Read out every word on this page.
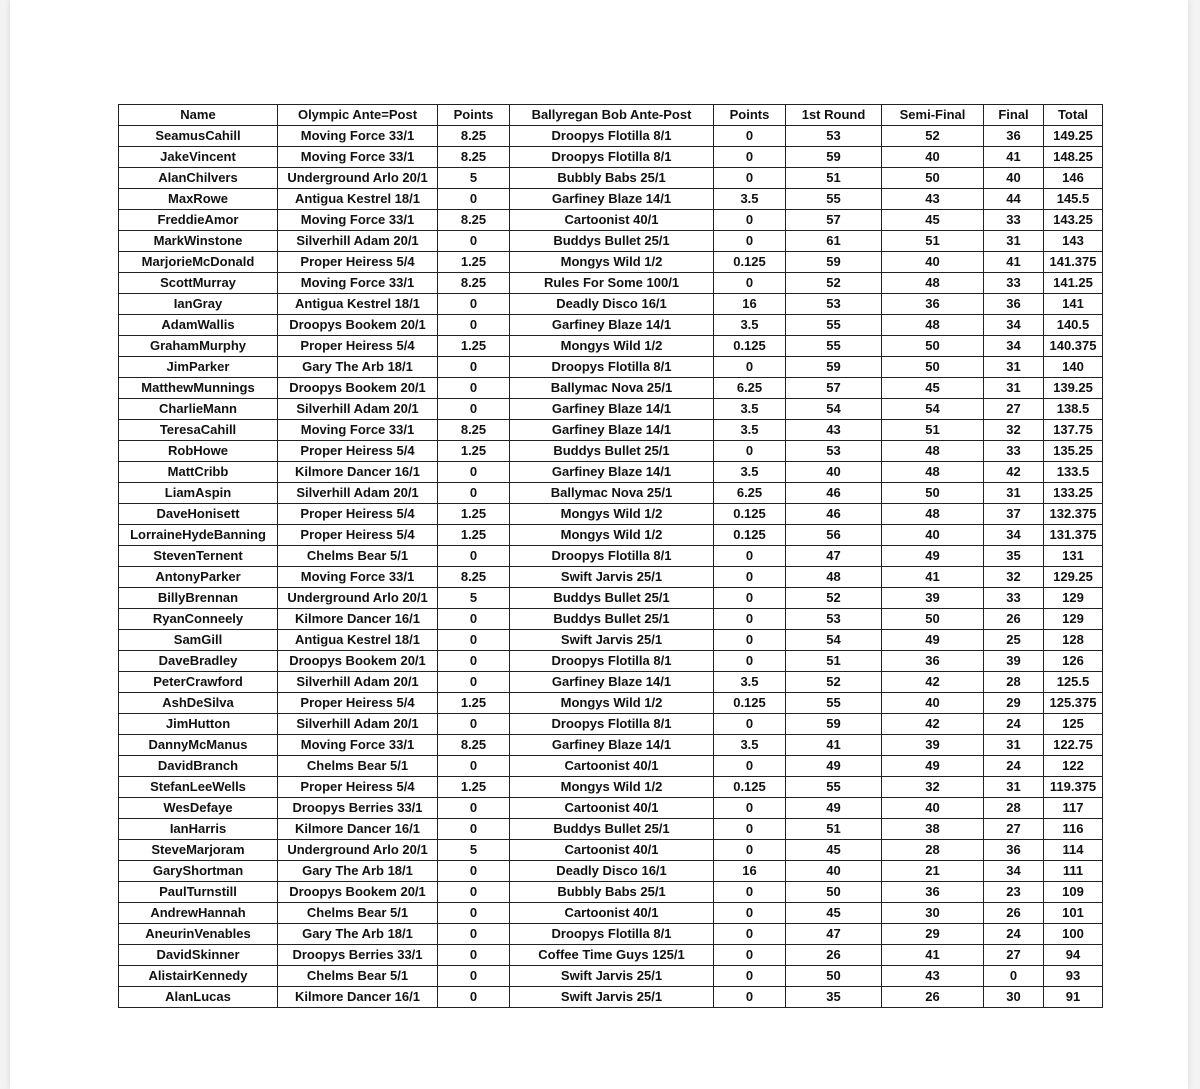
Name	Olympic Ante=Post	Points	Ballyregan Bob Ante-Post	Points	1st Round	Semi-Final	Final	Total
SeamusCahill	Moving Force 33/1	8.25	Droopys Flotilla 8/1	0	53	52	36	149.25
JakeVincent	Moving Force 33/1	8.25	Droopys Flotilla 8/1	0	59	40	41	148.25
AlanChilvers	Underground Arlo 20/1	5	Bubbly Babs 25/1	0	51	50	40	146
MaxRowe	Antigua Kestrel 18/1	0	Garfiney Blaze 14/1	3.5	55	43	44	145.5
FreddieAmor	Moving Force 33/1	8.25	Cartoonist 40/1	0	57	45	33	143.25
MarkWinstone	Silverhill Adam 20/1	0	Buddys Bullet 25/1	0	61	51	31	143
MarjorieMcDonald	Proper Heiress 5/4	1.25	Mongys Wild 1/2	0.125	59	40	41	141.375
ScottMurray	Moving Force 33/1	8.25	Rules For Some 100/1	0	52	48	33	141.25
IanGray	Antigua Kestrel 18/1	0	Deadly Disco 16/1	16	53	36	36	141
AdamWallis	Droopys Bookem 20/1	0	Garfiney Blaze 14/1	3.5	55	48	34	140.5
GrahamMurphy	Proper Heiress 5/4	1.25	Mongys Wild 1/2	0.125	55	50	34	140.375
JimParker	Gary The Arb 18/1	0	Droopys Flotilla 8/1	0	59	50	31	140
MatthewMunnings	Droopys Bookem 20/1	0	Ballymac Nova 25/1	6.25	57	45	31	139.25
CharlieMann	Silverhill Adam 20/1	0	Garfiney Blaze 14/1	3.5	54	54	27	138.5
TeresaCahill	Moving Force 33/1	8.25	Garfiney Blaze 14/1	3.5	43	51	32	137.75
RobHowe	Proper Heiress 5/4	1.25	Buddys Bullet 25/1	0	53	48	33	135.25
MattCribb	Kilmore Dancer 16/1	0	Garfiney Blaze 14/1	3.5	40	48	42	133.5
LiamAspin	Silverhill Adam 20/1	0	Ballymac Nova 25/1	6.25	46	50	31	133.25
DaveHonisett	Proper Heiress 5/4	1.25	Mongys Wild 1/2	0.125	46	48	37	132.375
LorraineHydeBanning	Proper Heiress 5/4	1.25	Mongys Wild 1/2	0.125	56	40	34	131.375
StevenTernent	Chelms Bear 5/1	0	Droopys Flotilla 8/1	0	47	49	35	131
AntonyParker	Moving Force 33/1	8.25	Swift Jarvis 25/1	0	48	41	32	129.25
BillyBrennan	Underground Arlo 20/1	5	Buddys Bullet 25/1	0	52	39	33	129
RyanConneely	Kilmore Dancer 16/1	0	Buddys Bullet 25/1	0	53	50	26	129
SamGill	Antigua Kestrel 18/1	0	Swift Jarvis 25/1	0	54	49	25	128
DaveBradley	Droopys Bookem 20/1	0	Droopys Flotilla 8/1	0	51	36	39	126
PeterCrawford	Silverhill Adam 20/1	0	Garfiney Blaze 14/1	3.5	52	42	28	125.5
AshDeSilva	Proper Heiress 5/4	1.25	Mongys Wild 1/2	0.125	55	40	29	125.375
JimHutton	Silverhill Adam 20/1	0	Droopys Flotilla 8/1	0	59	42	24	125
DannyMcManus	Moving Force 33/1	8.25	Garfiney Blaze 14/1	3.5	41	39	31	122.75
DavidBranch	Chelms Bear 5/1	0	Cartoonist 40/1	0	49	49	24	122
StefanLeeWells	Proper Heiress 5/4	1.25	Mongys Wild 1/2	0.125	55	32	31	119.375
WesDefaye	Droopys Berries 33/1	0	Cartoonist 40/1	0	49	40	28	117
IanHarris	Kilmore Dancer 16/1	0	Buddys Bullet 25/1	0	51	38	27	116
SteveMarjoram	Underground Arlo 20/1	5	Cartoonist 40/1	0	45	28	36	114
GaryShortman	Gary The Arb 18/1	0	Deadly Disco 16/1	16	40	21	34	111
PaulTurnstill	Droopys Bookem 20/1	0	Bubbly Babs 25/1	0	50	36	23	109
AndrewHannah	Chelms Bear 5/1	0	Cartoonist 40/1	0	45	30	26	101
AneurinVenables	Gary The Arb 18/1	0	Droopys Flotilla 8/1	0	47	29	24	100
DavidSkinner	Droopys Berries 33/1	0	Coffee Time Guys 125/1	0	26	41	27	94
AlistairKennedy	Chelms Bear 5/1	0	Swift Jarvis 25/1	0	50	43	0	93
AlanLucas	Kilmore Dancer 16/1	0	Swift Jarvis 25/1	0	35	26	30	91
